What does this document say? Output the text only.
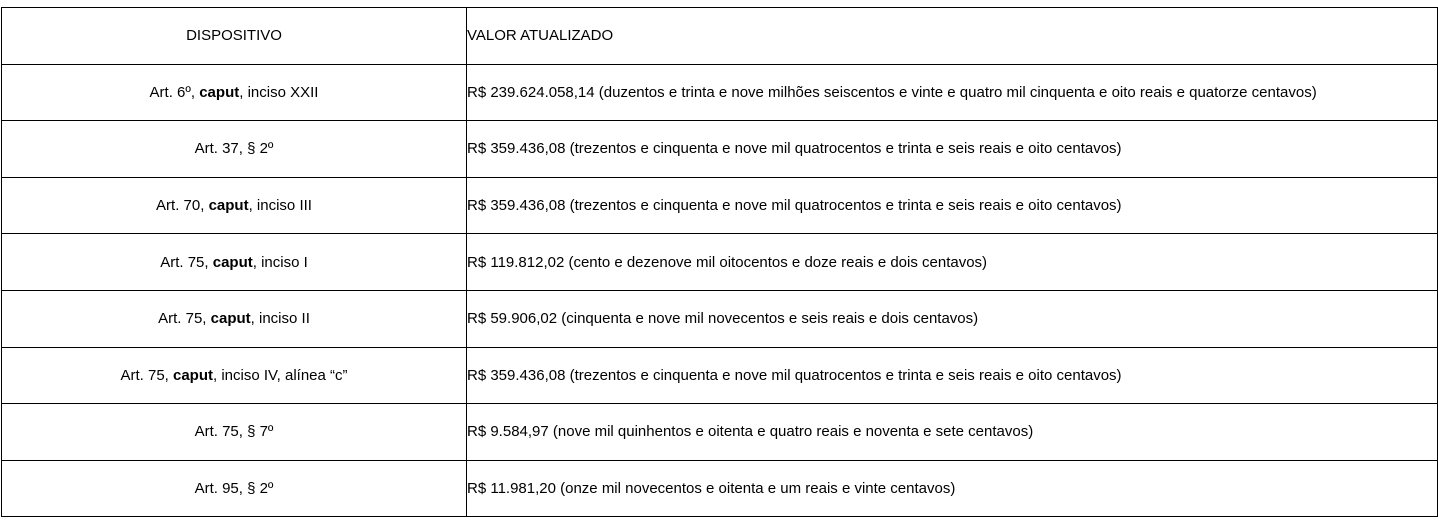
DISPOSITIVO	VALOR ATUALIZADO
Art. 6º, caput, inciso XXII	R$ 239.624.058,14 (duzentos e trinta e nove milhões seiscentos e vinte e quatro mil cinquenta e oito reais e quatorze centavos)
Art. 37, § 2º	R$ 359.436,08 (trezentos e cinquenta e nove mil quatrocentos e trinta e seis reais e oito centavos)
Art. 70, caput, inciso III	R$ 359.436,08 (trezentos e cinquenta e nove mil quatrocentos e trinta e seis reais e oito centavos)
Art. 75, caput, inciso I	R$ 119.812,02 (cento e dezenove mil oitocentos e doze reais e dois centavos)
Art. 75, caput, inciso II	R$ 59.906,02 (cinquenta e nove mil novecentos e seis reais e dois centavos)
Art. 75, caput, inciso IV, alínea “c”	R$ 359.436,08 (trezentos e cinquenta e nove mil quatrocentos e trinta e seis reais e oito centavos)
Art. 75, § 7º	R$ 9.584,97 (nove mil quinhentos e oitenta e quatro reais e noventa e sete centavos)
Art. 95, § 2º	R$ 11.981,20 (onze mil novecentos e oitenta e um reais e vinte centavos)
